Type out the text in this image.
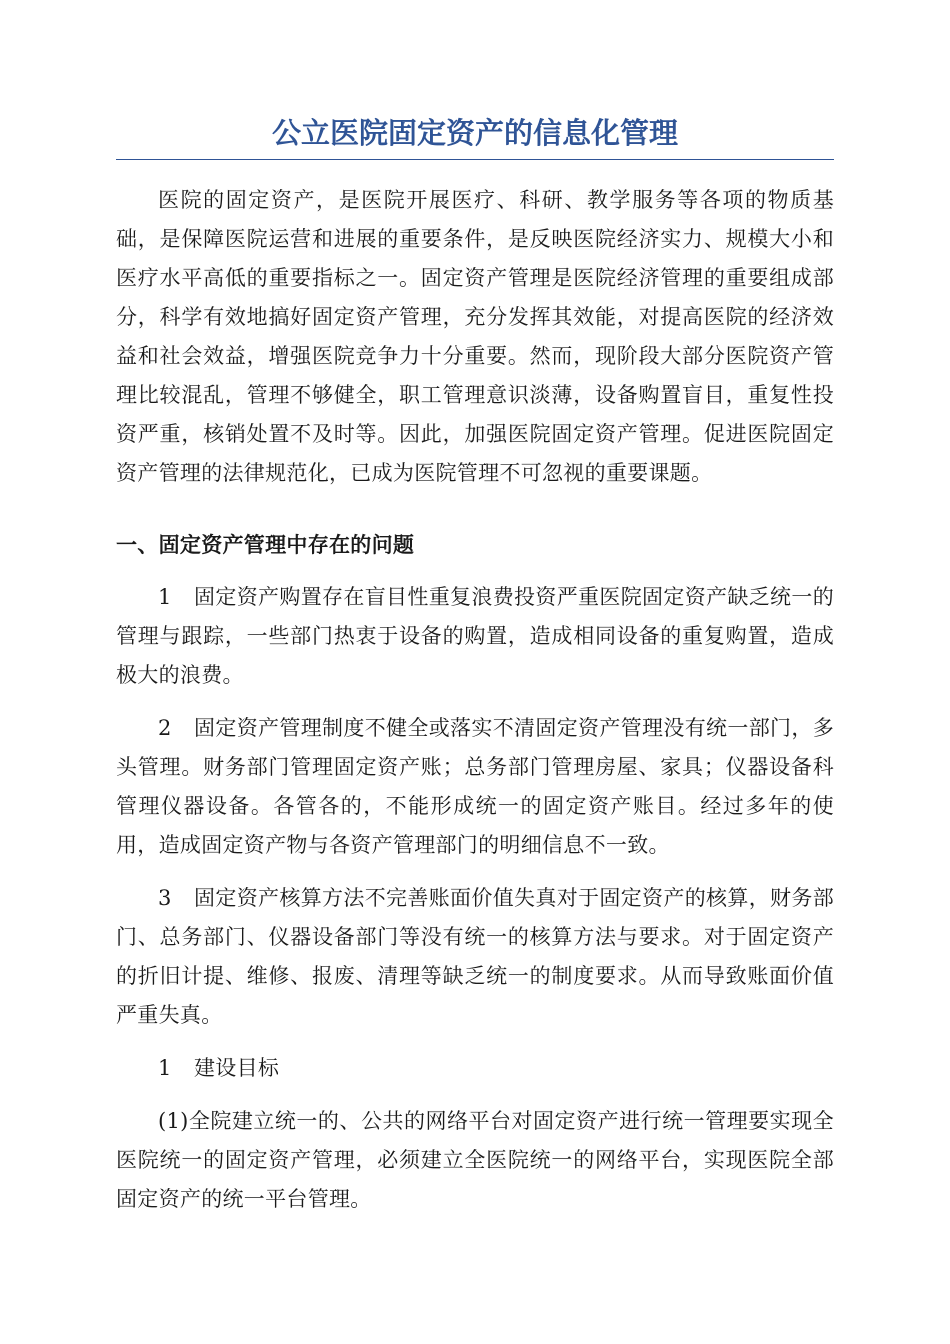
公立医院固定资产的信息化管理

医院的固定资产，是医院开展医疗、科研、教学服务等各项的物质基础，是保障医院运营和进展的重要条件，是反映医院经济实力、规模大小和医疗水平高低的重要指标之一。固定资产管理是医院经济管理的重要组成部分，科学有效地搞好固定资产管理，充分发挥其效能，对提高医院的经济效益和社会效益，增强医院竞争力十分重要。然而，现阶段大部分医院资产管理比较混乱，管理不够健全，职工管理意识淡薄，设备购置盲目，重复性投资严重，核销处置不及时等。因此，加强医院固定资产管理。促进医院固定资产管理的法律规范化，已成为医院管理不可忽视的重要课题。

一、固定资产管理中存在的问题

1 固定资产购置存在盲目性重复浪费投资严重医院固定资产缺乏统一的管理与跟踪，一些部门热衷于设备的购置，造成相同设备的重复购置，造成极大的浪费。

2 固定资产管理制度不健全或落实不清固定资产管理没有统一部门，多头管理。财务部门管理固定资产账；总务部门管理房屋、家具；仪器设备科管理仪器设备。各管各的，不能形成统一的固定资产账目。经过多年的使用，造成固定资产物与各资产管理部门的明细信息不一致。

3 固定资产核算方法不完善账面价值失真对于固定资产的核算，财务部门、总务部门、仪器设备部门等没有统一的核算方法与要求。对于固定资产的折旧计提、维修、报废、清理等缺乏统一的制度要求。从而导致账面价值严重失真。

1 建设目标

(1)全院建立统一的、公共的网络平台对固定资产进行统一管理要实现全医院统一的固定资产管理，必须建立全医院统一的网络平台，实现医院全部固定资产的统一平台管理。
